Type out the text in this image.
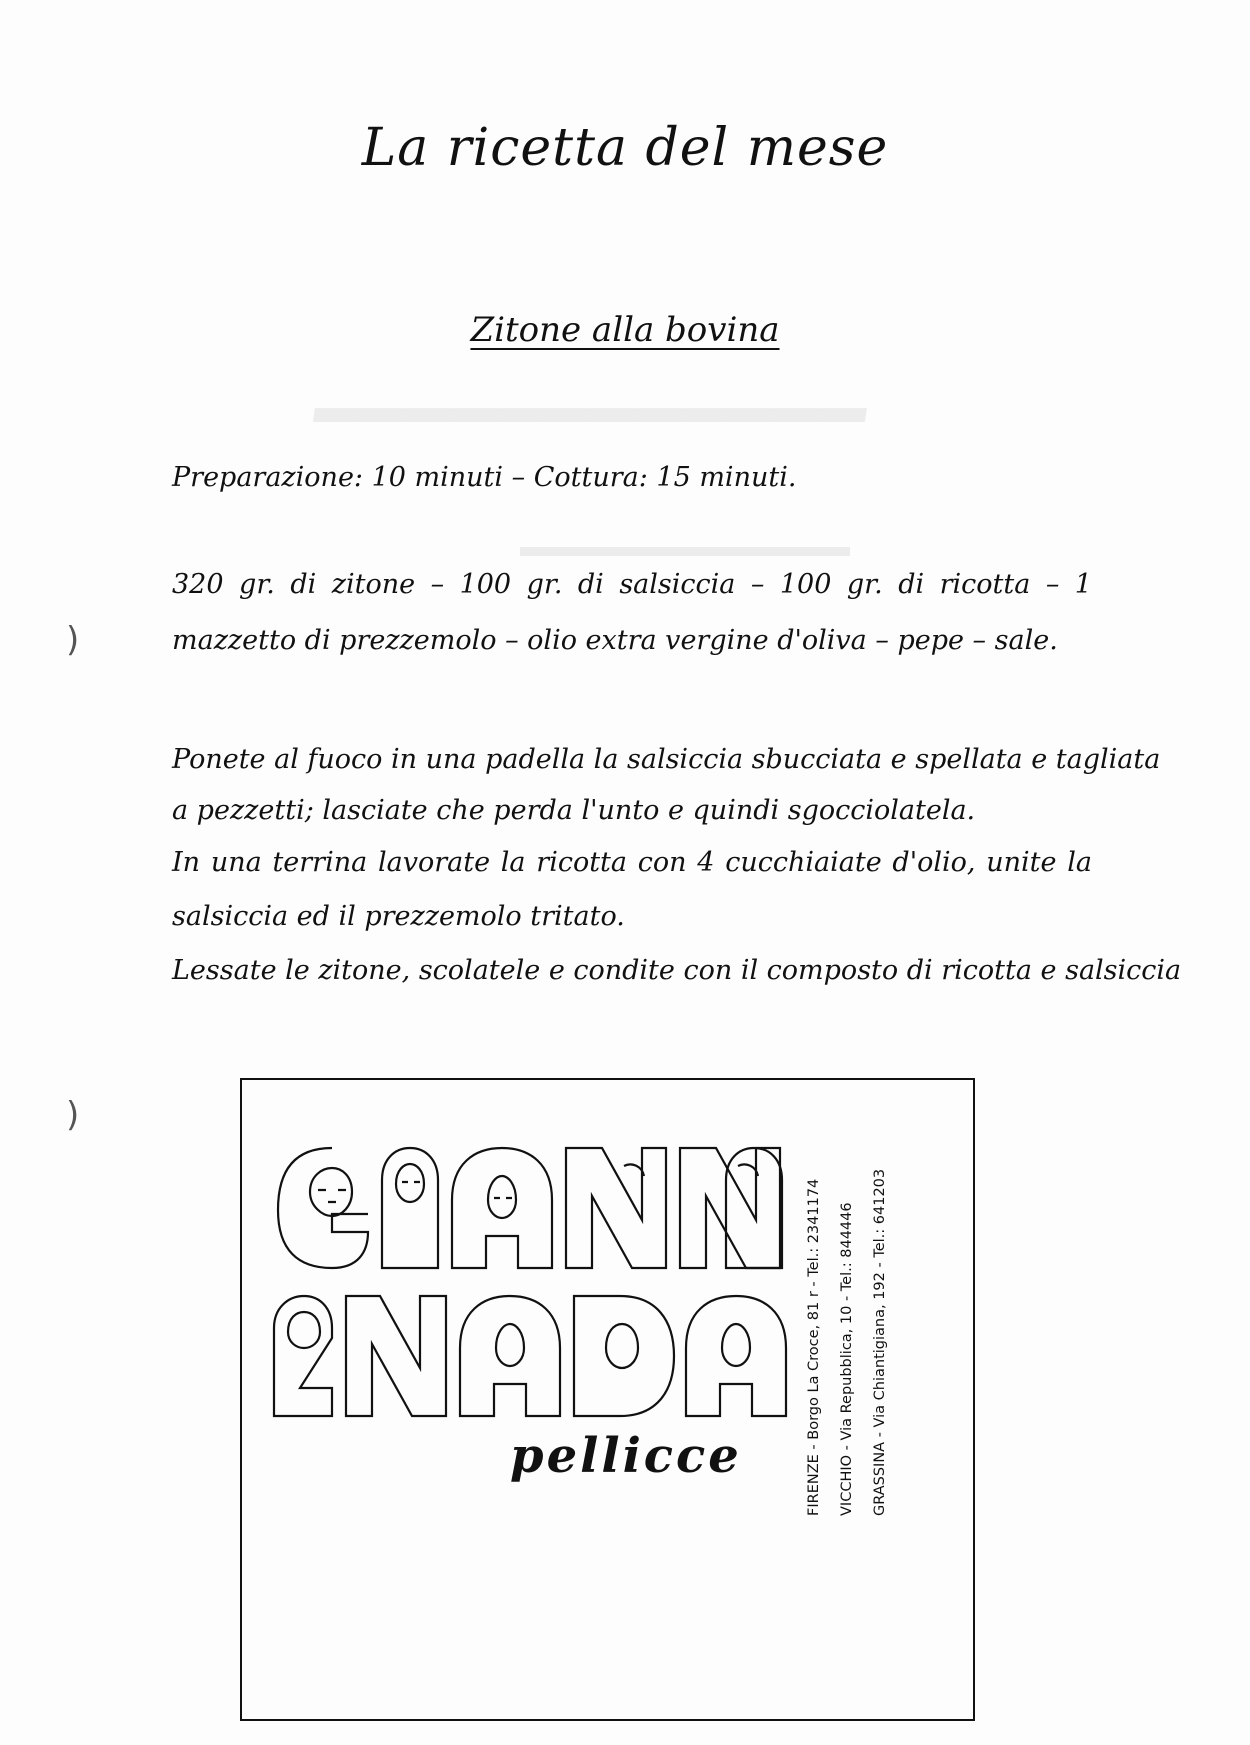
▬▬▬▬▬▬▬▬▬▬▬▬
▬▬▬▬▬▬▬▬▬▬▬
La ricetta del mese
Zitone alla bovina
Preparazione: 10 minuti – Cottura: 15 minuti.
320 gr. di zitone – 100 gr. di salsiccia – 100 gr. di ricotta – 1
mazzetto di prezzemolo – olio extra vergine d'oliva – pepe – sale.
Ponete al fuoco in una padella la salsiccia sbucciata e spellata e tagliata
a pezzetti; lasciate che perda l'unto e quindi sgocciolatela.
In una terrina lavorate la ricotta con 4 cucchiaiate d'olio, unite la
salsiccia ed il prezzemolo tritato.
Lessate le zitone, scolatele e condite con il composto di ricotta e salsiccia
)
)
pellicce	FIRENZE - Borgo La Croce, 81 r - Tel.: 2341174 VICCHIO - Via Repubblica, 10 - Tel.: 844446 GRASSINA - Via Chiantigiana, 192 - Tel.: 641203
